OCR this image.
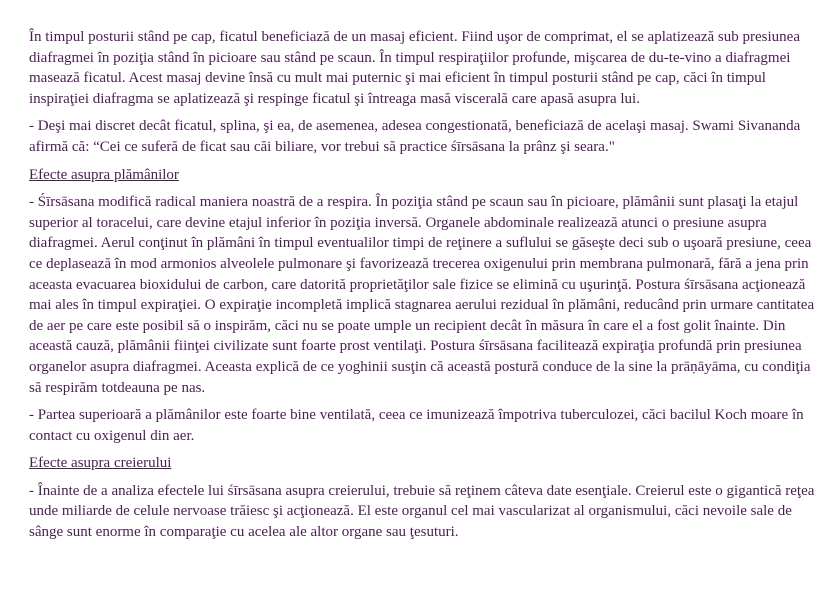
În timpul posturii stând pe cap, ficatul beneficiază de un masaj eficient. Fiind uşor de comprimat, el se aplatizează sub presiunea diafragmei în poziţia stând în picioare sau stând pe scaun. În timpul respiraţiilor profunde, mişcarea de du-te-vino a diafragmei masează ficatul. Acest masaj devine însă cu mult mai puternic şi mai eficient în timpul posturii stând pe cap, căci în timpul inspiraţiei diafragma se aplatizează şi respinge ficatul şi întreaga masă viscerală care apasă asupra lui.

- Deşi mai discret decât ficatul, splina, şi ea, de asemenea, adesea congestionată, beneficiază de acelaşi masaj. Swami Sivananda afirmă că: “Cei ce suferă de ficat sau căi biliare, vor trebui să practice śīrsāsana la prânz şi seara."

Efecte asupra plămânilor

- Śīrsāsana modifică radical maniera noastră de a respira. În poziţia stând pe scaun sau în picioare, plămânii sunt plasaţi la etajul superior al toracelui, care devine etajul inferior în poziţia inversă. Organele abdominale realizează atunci o presiune asupra diafragmei. Aerul conţinut în plămâni în timpul eventualilor timpi de reţinere a suflului se găseşte deci sub o uşoară presiune, ceea ce deplasează în mod armonios alveolele pulmonare şi favorizează trecerea oxigenului prin membrana pulmonară, fără a jena prin aceasta evacuarea bioxidului de carbon, care datorită proprietăţilor sale fizice se elimină cu uşurinţă. Postura śīrsāsana acţionează mai ales în timpul expiraţiei. O expiraţie incompletă implică stagnarea aerului rezidual în plămâni, reducând prin urmare cantitatea de aer pe care este posibil să o inspirăm, căci nu se poate umple un recipient decât în măsura în care el a fost golit înainte. Din această cauză, plămânii fiinţei civilizate sunt foarte prost ventilaţi. Postura śīrsāsana facilitează expiraţia profundă prin presiunea organelor asupra diafragmei. Aceasta explică de ce yoghinii susţin că această postură conduce de la sine la prāṇāyāma, cu condiţia să respirăm totdeauna pe nas.

- Partea superioară a plămânilor este foarte bine ventilată, ceea ce imunizează împotriva tuberculozei, căci bacilul Koch moare în contact cu oxigenul din aer.

Efecte asupra creierului

- Înainte de a analiza efectele lui śīrsāsana asupra creierului, trebuie să reţinem câteva date esenţiale. Creierul este o gigantică reţea unde miliarde de celule nervoase trăiesc şi acţionează. El este organul cel mai vascularizat al organismului, căci nevoile sale de sânge sunt enorme în comparaţie cu acelea ale altor organe sau ţesuturi.
